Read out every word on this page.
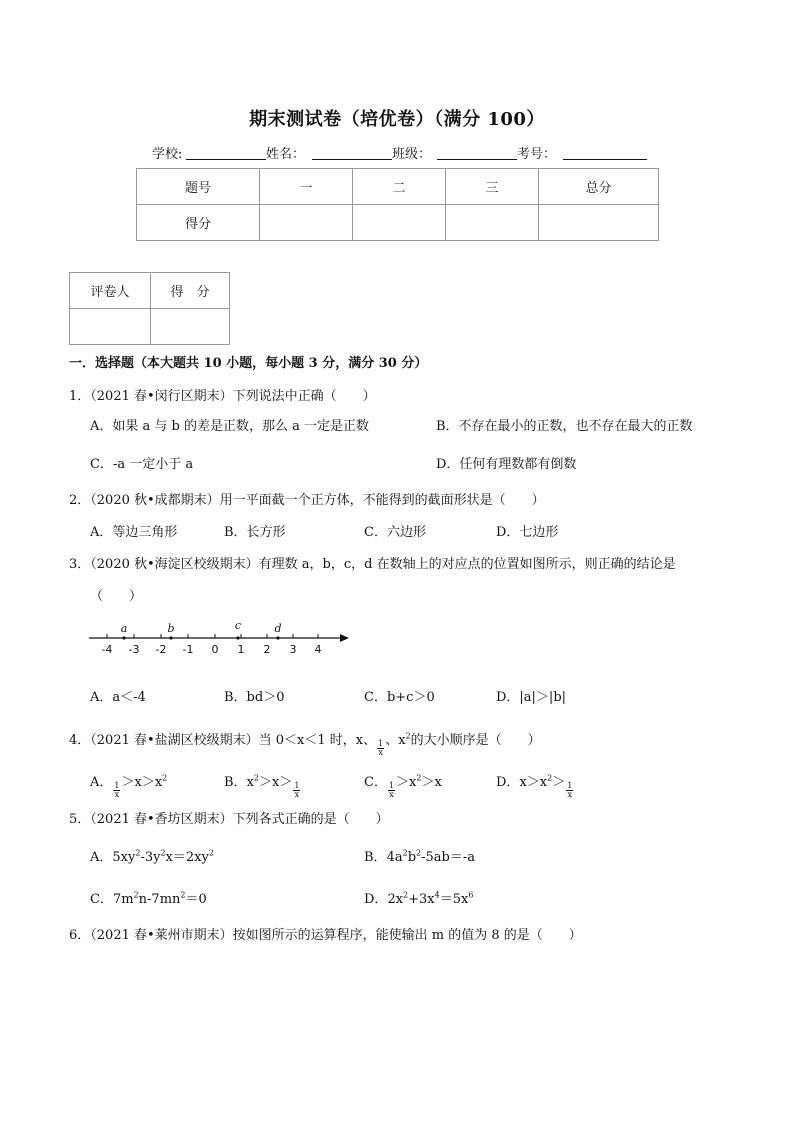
期末测试卷（培优卷）（满分 100）
学校:	姓名：	班级：	考号：
题号	一	二	三	总分
得分				
评卷人	得　分

一．选择题（本大题共 10 小题，每小题 3 分，满分 30 分）
1．（2021 春•闵行区期末）下列说法中正确（　　）
A．如果 a 与 b 的差是正数，那么 a 一定是正数	B．不存在最小的正数，也不存在最大的正数
C．-a 一定小于 a	D．任何有理数都有倒数
2．（2020 秋•成都期末）用一平面截一个正方体，不能得到的截面形状是（　　）
A．等边三角形	B．长方形	C．六边形	D．七边形
3．（2020 秋•海淀区校级期末）有理数 a，b，c，d 在数轴上的对应点的位置如图所示，则正确的结论是
（　　）
-4 -3 -2 -1 0 1 2 3 4
a	b	c	d
A．a＜-4	B．bd＞0	C．b+c＞0	D．|a|＞|b|
4．（2021 春•盐湖区校级期末）当 0＜x＜1 时，x、 $\frac{1}{x}$ 、$x^2$的大小顺序是（　　）
A． $\frac{1}{x} >x>x^2$	B．$x^2>x> \frac{1}{x}$	C． $\frac{1}{x} >x^2>x$	D．$x>x^2> \frac{1}{x}$
5．（2021 春•香坊区期末）下列各式正确的是（　　）
A．$5xy^2-3y^2x=2xy^2$	B．$4a^2b^2-5ab=-a$
C．$7m^2n-7mn^2=0$	D．$2x^2+3x^4=5x^6$
6．（2021 春•莱州市期末）按如图所示的运算程序，能使输出 m 的值为 8 的是（　　）
